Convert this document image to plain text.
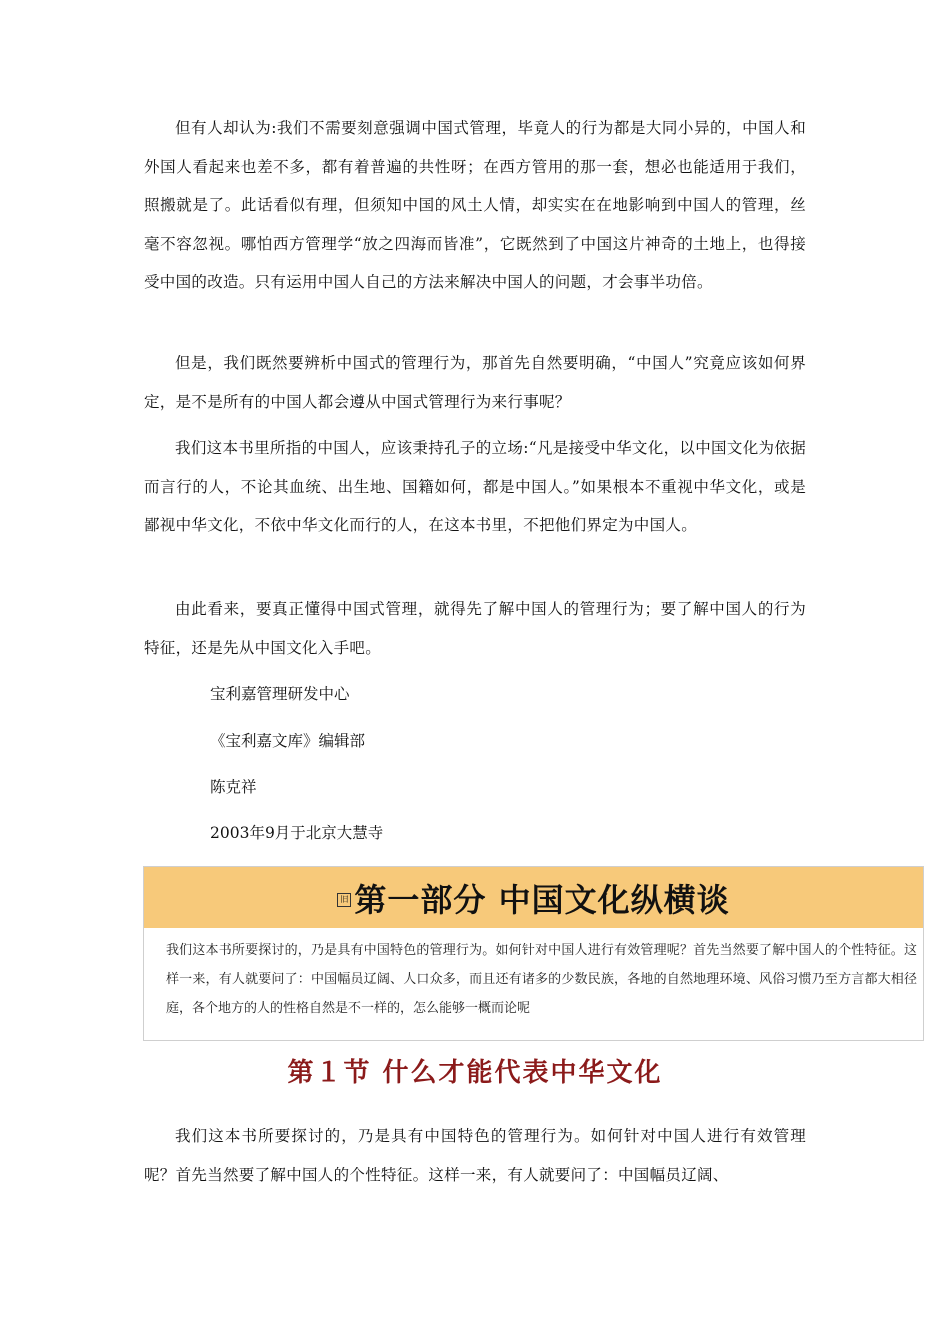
但有人却认为:我们不需要刻意强调中国式管理，毕竟人的行为都是大同小异的，中国人和外国人看起来也差不多，都有着普遍的共性呀；在西方管用的那一套，想必也能适用于我们，照搬就是了。此话看似有理，但须知中国的风土人情，却实实在在地影响到中国人的管理，丝毫不容忽视。哪怕西方管理学“放之四海而皆准”，它既然到了中国这片神奇的土地上，也得接受中国的改造。只有运用中国人自己的方法来解决中国人的问题，才会事半功倍。

但是，我们既然要辨析中国式的管理行为，那首先自然要明确，“中国人”究竟应该如何界定，是不是所有的中国人都会遵从中国式管理行为来行事呢？

我们这本书里所指的中国人，应该秉持孔子的立场:“凡是接受中华文化，以中国文化为依据而言行的人，不论其血统、出生地、国籍如何，都是中国人。”如果根本不重视中华文化，或是鄙视中华文化，不依中华文化而行的人，在这本书里，不把他们界定为中国人。

由此看来，要真正懂得中国式管理，就得先了解中国人的管理行为；要了解中国人的行为特征，还是先从中国文化入手吧。

宝利嘉管理研发中心

《宝利嘉文库》编辑部

陈克祥

2003年9月于北京大慧寺

旧 第一部分 中国文化纵横谈

我们这本书所要探讨的，乃是具有中国特色的管理行为。如何针对中国人进行有效管理呢？首先当然要了解中国人的个性特征。这样一来，有人就要问了：中国幅员辽阔、人口众多，而且还有诸多的少数民族，各地的自然地理环境、风俗习惯乃至方言都大相径庭，各个地方的人的性格自然是不一样的，怎么能够一概而论呢

第１节 什么才能代表中华文化

我们这本书所要探讨的，乃是具有中国特色的管理行为。如何针对中国人进行有效管理呢？首先当然要了解中国人的个性特征。这样一来，有人就要问了：中国幅员辽阔、
